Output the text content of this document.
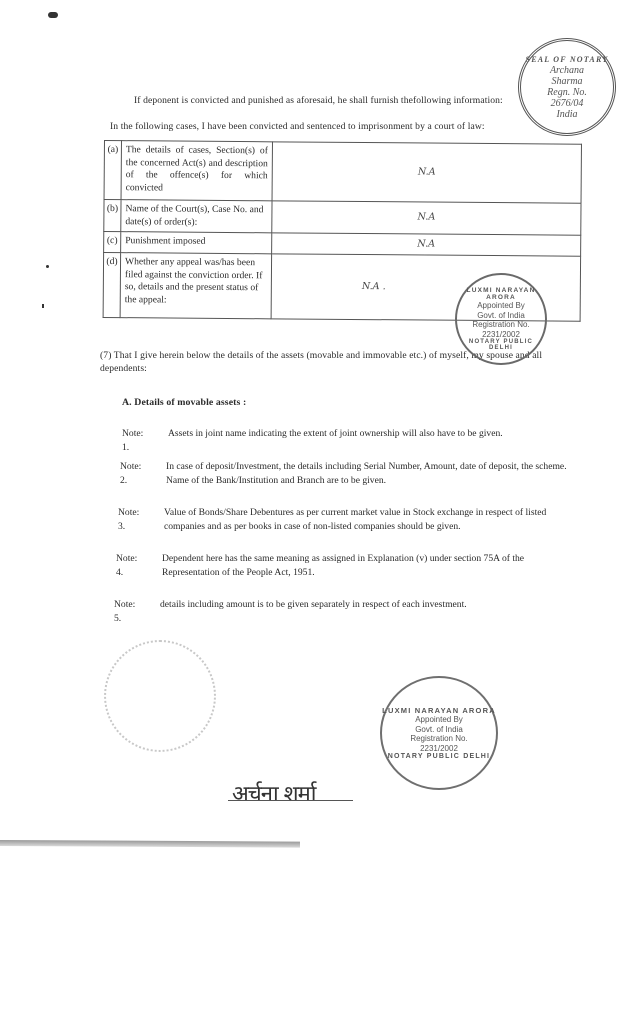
If deponent is convicted and punished as aforesaid, he shall furnish thefollowing information:
In the following cases, I have been convicted and sentenced to imprisonment by a court of law:
(a)	The details of cases, Section(s) of the concerned Act(s) and description of the offence(s) for which convicted	N.A
(b)	Name of the Court(s), Case No. and date(s) of order(s):	N.A
(c)	Punishment imposed	N.A
(d)	Whether any appeal was/has been filed against the conviction order. If so, details and the present status of the appeal:	N.A .
(7) That I give herein below the details of the assets (movable and immovable etc.) of myself, my spouse and all dependents:
A. Details of movable assets :
Note: 1.
Assets in joint name indicating the extent of joint ownership will also have to be given.
Note: 2.
In case of deposit/Investment, the details including Serial Number, Amount, date of deposit, the scheme. Name of the Bank/Institution and Branch are to be given.
Note: 3.
Value of Bonds/Share Debentures as per current market value in Stock exchange in respect of listed companies and as per books in case of non-listed companies should be given.
Note: 4.
Dependent here has the same meaning as assigned in Explanation (v) under section 75A of the Representation of the People Act, 1951.
Note: 5.
details including amount is to be given separately in respect of each investment.
SEAL OF NOTARY
Archana
Sharma
Regn. No.
2676/04
India
LUXMI NARAYAN ARORA
Appointed By
Govt. of India
Registration No.
2231/2002
NOTARY PUBLIC DELHI
LUXMI NARAYAN ARORA
Appointed By
Govt. of India
Registration No.
2231/2002
NOTARY PUBLIC DELHI
अर्चना शर्मा
